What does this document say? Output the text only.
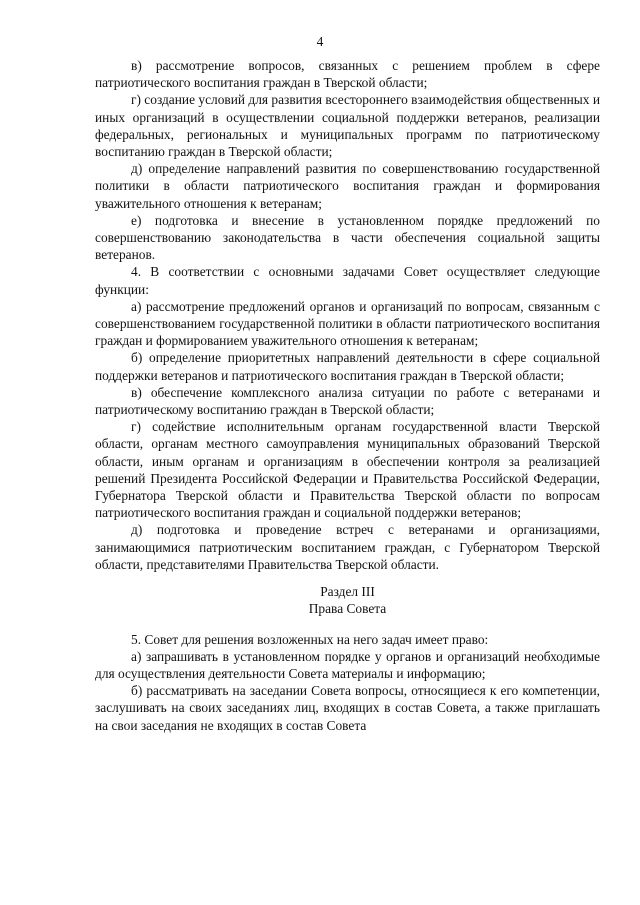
4

в) рассмотрение вопросов, связанных с решением проблем в сфере патриотического воспитания граждан в Тверской области;

г) создание условий для развития всестороннего взаимодействия общественных и иных организаций в осуществлении социальной поддержки ветеранов, реализации федеральных, региональных и муниципальных программ по патриотическому воспитанию граждан в Тверской области;

д) определение направлений развития по совершенствованию государственной политики в области патриотического воспитания граждан и формирования уважительного отношения к ветеранам;

е) подготовка и внесение в установленном порядке предложений по совершенствованию законодательства в части обеспечения социальной защиты ветеранов.

4. В соответствии с основными задачами Совет осуществляет следующие функции:

а) рассмотрение предложений органов и организаций по вопросам, связанным с совершенствованием государственной политики в области патриотического воспитания граждан и формированием уважительного отношения к ветеранам;

б) определение приоритетных направлений деятельности в сфере социальной поддержки ветеранов и патриотического воспитания граждан в Тверской области;

в) обеспечение комплексного анализа ситуации по работе с ветеранами и патриотическому воспитанию граждан в Тверской области;

г) содействие исполнительным органам государственной власти Тверской области, органам местного самоуправления муниципальных образований Тверской области, иным органам и организациям в обеспечении контроля за реализацией решений Президента Российской Федерации и Правительства Российской Федерации, Губернатора Тверской области и Правительства Тверской области по вопросам патриотического воспитания граждан и социальной поддержки ветеранов;

д) подготовка и проведение встреч с ветеранами и организациями, занимающимися патриотическим воспитанием граждан, с Губернатором Тверской области, представителями Правительства Тверской области.

Раздел III

Права Совета

5. Совет для решения возложенных на него задач имеет право:

а) запрашивать в установленном порядке у органов и организаций необходимые для осуществления деятельности Совета материалы и информацию;

б) рассматривать на заседании Совета вопросы, относящиеся к его компетенции, заслушивать на своих заседаниях лиц, входящих в состав Совета, а также приглашать на свои заседания не входящих в состав Совета
